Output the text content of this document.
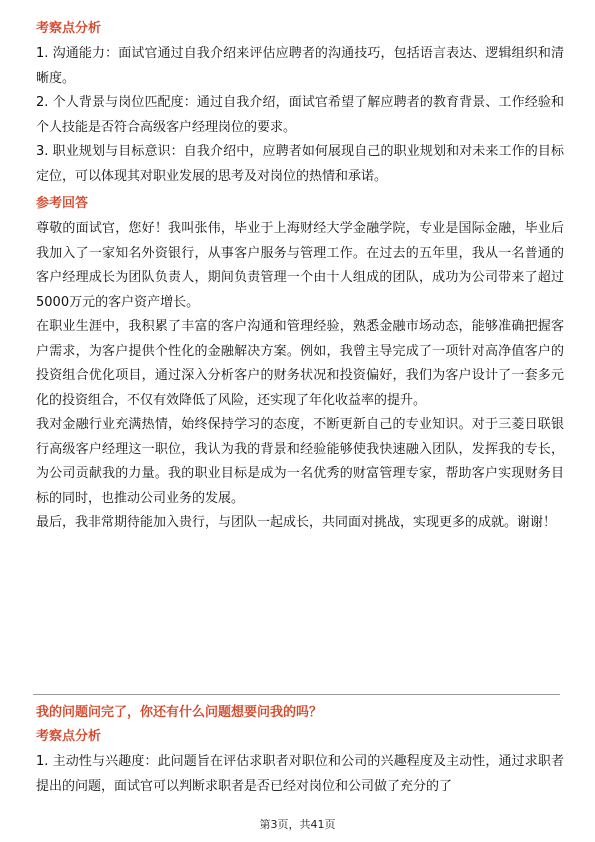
考察点分析

1. 沟通能力：面试官通过自我介绍来评估应聘者的沟通技巧，包括语言表达、逻辑组织和清晰度。

2. 个人背景与岗位匹配度：通过自我介绍，面试官希望了解应聘者的教育背景、工作经验和个人技能是否符合高级客户经理岗位的要求。

3. 职业规划与目标意识：自我介绍中，应聘者如何展现自己的职业规划和对未来工作的目标定位，可以体现其对职业发展的思考及对岗位的热情和承诺。

参考回答

尊敬的面试官，您好！我叫张伟，毕业于上海财经大学金融学院，专业是国际金融，毕业后我加入了一家知名外资银行，从事客户服务与管理工作。在过去的五年里，我从一名普通的客户经理成长为团队负责人，期间负责管理一个由十人组成的团队，成功为公司带来了超过5000万元的客户资产增长。

在职业生涯中，我积累了丰富的客户沟通和管理经验，熟悉金融市场动态，能够准确把握客户需求，为客户提供个性化的金融解决方案。例如，我曾主导完成了一项针对高净值客户的投资组合优化项目，通过深入分析客户的财务状况和投资偏好，我们为客户设计了一套多元化的投资组合，不仅有效降低了风险，还实现了年化收益率的提升。

我对金融行业充满热情，始终保持学习的态度，不断更新自己的专业知识。对于三菱日联银行高级客户经理这一职位，我认为我的背景和经验能够使我快速融入团队，发挥我的专长，为公司贡献我的力量。我的职业目标是成为一名优秀的财富管理专家，帮助客户实现财务目标的同时，也推动公司业务的发展。

最后，我非常期待能加入贵行，与团队一起成长，共同面对挑战，实现更多的成就。谢谢！

我的问题问完了，你还有什么问题想要问我的吗？

考察点分析

1. 主动性与兴趣度：此问题旨在评估求职者对职位和公司的兴趣程度及主动性，通过求职者提出的问题，面试官可以判断求职者是否已经对岗位和公司做了充分的了

第3页，共41页
